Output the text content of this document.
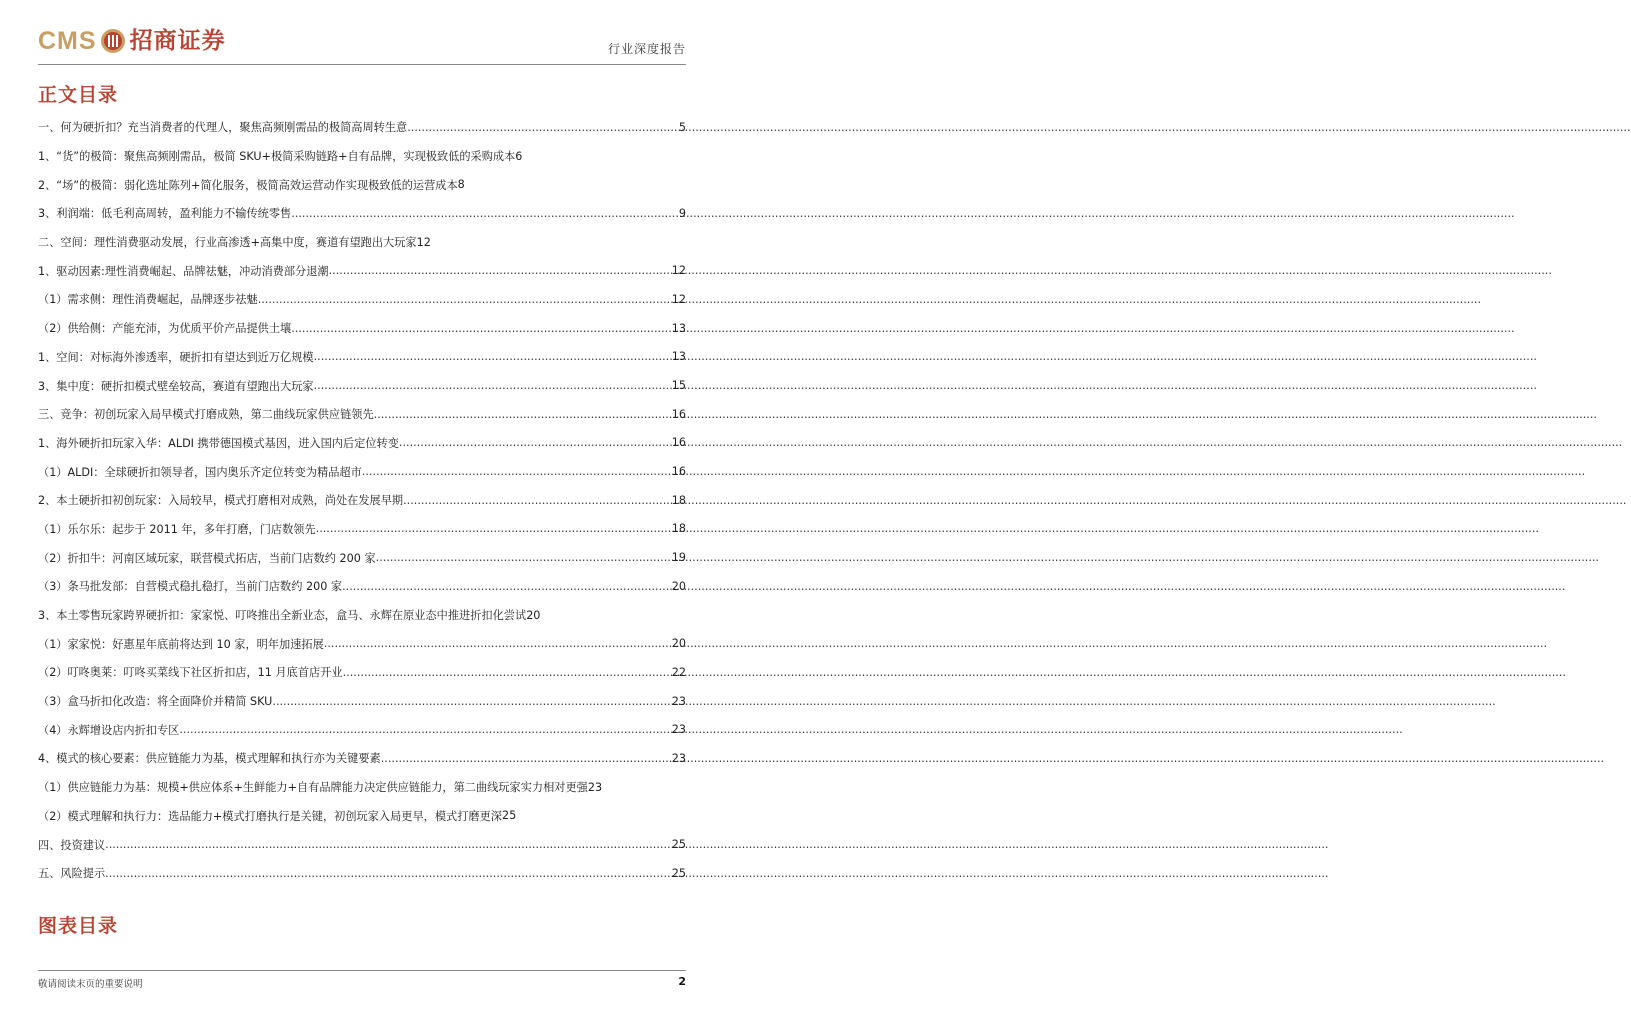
CMS 招商证券	行业深度报告
正文目录
一、何为硬折扣？充当消费者的代理人，聚焦高频刚需品的极简高周转生意 .....	5
1、“货”的极简：聚焦高频刚需品，极简 SKU+极简采购链路+自有品牌，实现极致低的采购成本 6
2、“场”的极简：弱化选址陈列+简化服务，极简高效运营动作实现极致低的运营成本 8
3、利润端：低毛利高周转，盈利能力不输传统零售 .....	9
二、空间：理性消费驱动发展，行业高渗透+高集中度，赛道有望跑出大玩家 12
1、驱动因素:理性消费崛起、品牌祛魅，冲动消费部分退潮 .....	12
（1）需求侧：理性消费崛起，品牌逐步祛魅 .....	12
（2）供给侧：产能充沛，为优质平价产品提供土壤 .....	13
1、空间：对标海外渗透率，硬折扣有望达到近万亿规模 .....	13
3、集中度：硬折扣模式壁垒较高，赛道有望跑出大玩家 .....	15
三、竞争：初创玩家入局早模式打磨成熟，第二曲线玩家供应链领先 .....	16
1、海外硬折扣玩家入华：ALDI 携带德国模式基因，进入国内后定位转变 .....	16
（1）ALDI：全球硬折扣领导者，国内奥乐齐定位转变为精品超市 .....	16
2、本土硬折扣初创玩家：入局较早，模式打磨相对成熟，尚处在发展早期 .....	18
（1）乐尔乐：起步于 2011 年，多年打磨，门店数领先 .....	18
（2）折扣牛：河南区域玩家，联营模式拓店，当前门店数约 200 家 .....	19
（3）条马批发部：自营模式稳扎稳打，当前门店数约 200 家 .....	20
3、本土零售玩家跨界硬折扣：家家悦、叮咚推出全新业态，盒马、永辉在原业态中推进折扣化尝试 20
（1）家家悦：好惠星年底前将达到 10 家，明年加速拓展 .....	20
（2）叮咚奥莱：叮咚买菜线下社区折扣店，11 月底首店开业 .....	22
（3）盒马折扣化改造：将全面降价并精简 SKU .....	23
（4）永辉增设店内折扣专区 .....	23
4、模式的核心要素：供应链能力为基，模式理解和执行亦为关键要素 .....	23
（1）供应链能力为基：规模+供应体系+生鲜能力+自有品牌能力决定供应链能力，第二曲线玩家实力相对更强 23
（2）模式理解和执行力：选品能力+模式打磨执行是关键，初创玩家入局更早，模式打磨更深 25
四、投资建议 .....	25
五、风险提示 .....	25
图表目录
敬请阅读末页的重要说明	2
